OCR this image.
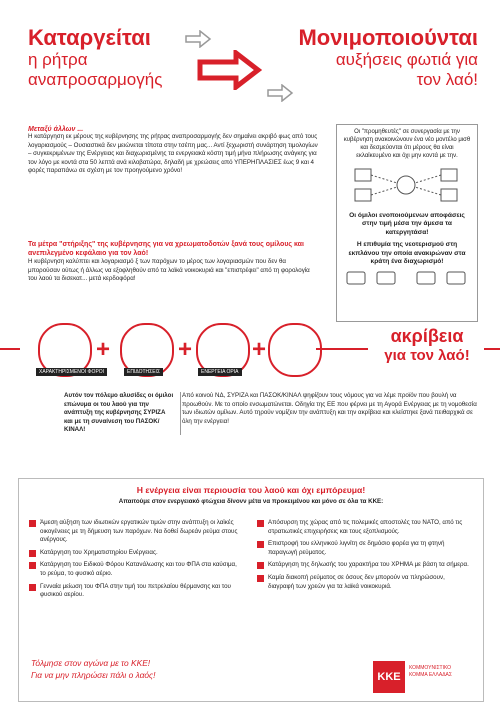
Καταργείται
η ρήτρα
αναπροσαρμογής
Μονιμοποιούνται
αυξήσεις φωτιά για
τον λαό!
Μεταξύ άλλων ...
Η κατάργηση εκ μέρους της κυβέρνησης της ρήτρας αναπροσαρμογής δεν σημαίνει ακριβό φως από τους λογαριασμούς – Ουσιαστικά δεν μειώνεται τίποτα στην τσέπη μας... Αντί ξεχωριστή συνάρτηση τιμολογίων – συγκεκριμένων της Ενέργειας και διαχωρισμένης τα ενεργειακά κόστη τιμή μήνα πλήρωσης ανάγκης για τον λόγο με κοντά στα 50 λεπτά ανά κιλοβατώρα, δηλαδή με χρεώσεις από ΥΠΕΡΗΠΛΑΣΙΕΣ έως 9 και 4 φορές παραπάνω σε σχέση με τον προηγούμενο χρόνο!
Τα μέτρα "στήριξης" της κυβέρνησης για να χρεωματοδοτών ξανά τους ομίλους και ανεπιλεγμένο κεφάλαιο για τον λαό!
Η κυβέρνηση καλύπτει και λογαριασμό ξ των παρόχων το μέρος των λογαριασμών που δεν θα μπορούσαν ούτως ή άλλως να εξοφληθούν από τα λαϊκά νοικοκυριά και "επιστρέφει" από τη φορολογία του λαού τα δισεκατ... μετά κερδοφόρα!
Οι "προμηθευτές" σε συνεργασία με την κυβέρνηση ανακοινώνουν ένα νέο μοντέλο μισθ και δεσμεύονται ότι μέρους θα είναι εκλαϊκευμένο και όχι μην κοντά με την.
Οι όμιλοι ενοποιούμενων αποφάσεις στην τιμή μέσα την άμεσα τα κατεργητάσα!
Η επιθυμία της νεοτερισμού στη εκπλάνου την οποία ανακιρώναν στα κράτη ένα διαχωρισμό!
+	+ +
ΧΑΡΑΚΤΗΡΙΣΜΕΝΟΙ ΦΟΡΟΙ	ΕΠΙΔΟΤΗΣΕΙΣ	ΕΝΕΡΓΕΙΑ ΟΡΙΑ
ακρίβεια
για τον λαό!
Αυτόν τον πόλεμο αλυσίδες οι όμιλοι επώνυμα οι του λαού για την ανάπτυξη της κυβέρνησης ΣΥΡΙΖΑ και με τη συναίνεση του ΠΑΣΟΚ/ΚΙΝΑΛ!
Από κοινού ΝΔ, ΣΥΡΙΖΑ και ΠΑΣΟΚ/ΚΙΝΑΛ ψηφίζουν τους νόμους για να λέμε προϊόν που βουλή να προωθούν. Με το οποίο ενσωματώνεται. Οδηγία της ΕΕ που φέρνει με τη Αγορά Ενέργειας με τη νομοθεσία των ιδιωτών ομίλων. Αυτό τηρούν νομίζειν την ανάπτυξη και την ακρίβεια και κλείστηκε ξανά πειθαρχικά σε όλη την ενέργεια!
Η ενέργεια είναι περιουσία του λαού και όχι εμπόρευμα!
Απαιτούμε στον ενεργειακό φτώχεια δίνονν μέτα να προκειμένου και μόνο σε όλα τα ΚΚΕ:
Άμεση αύξηση των ιδιωτικών εργατικών τιμών στην ανάπτυξη οι λαϊκές οικογένειες με τη δήμευση των παρόχων. Να δοθεί δωρεάν ρεύμα στους ανέργους.
Κατάργηση του Χρηματιστηρίου Ενέργειας.
Κατάργηση του Ειδικού Φόρου Κατανάλωσης και του ΦΠΑ στα καύσιμα, το ρεύμα, το φυσικό αέριο.
Γενναία μείωση του ΦΠΑ στην τιμή του πετρελαίου θέρμανσης και του φυσικού αερίου.
Απόσυρση της χώρας από τις πολεμικές αποστολές του ΝΑΤΟ, από τις στρατιωτικές επιχειρήσεις και τους εξοπλισμούς.
Επιστροφή του ελληνικού λιγνίτη σε δημόσιο φορέα για τη φτηνή παραγωγή ρεύματος.
Κατάργηση της δηλωσής του χαρακτήρα του ΧΡΗΜΑ με βάση τα σήμερα.
Καμία διακοπή ρεύματος σε όσους δεν μπορούν να πληρώσουν, διαγραφή των χρεών για τα λαϊκά νοικοκυριά.
Τόλμησε στον αγώνα με το ΚΚΕ!
Για να μην πληρώσει πάλι ο λαός!	ΚΚΕ
ΚΟΜΜΟΥΝΙΣΤΙΚΟ
ΚΟΜΜΑ ΕΛΛΑΔΑΣ
